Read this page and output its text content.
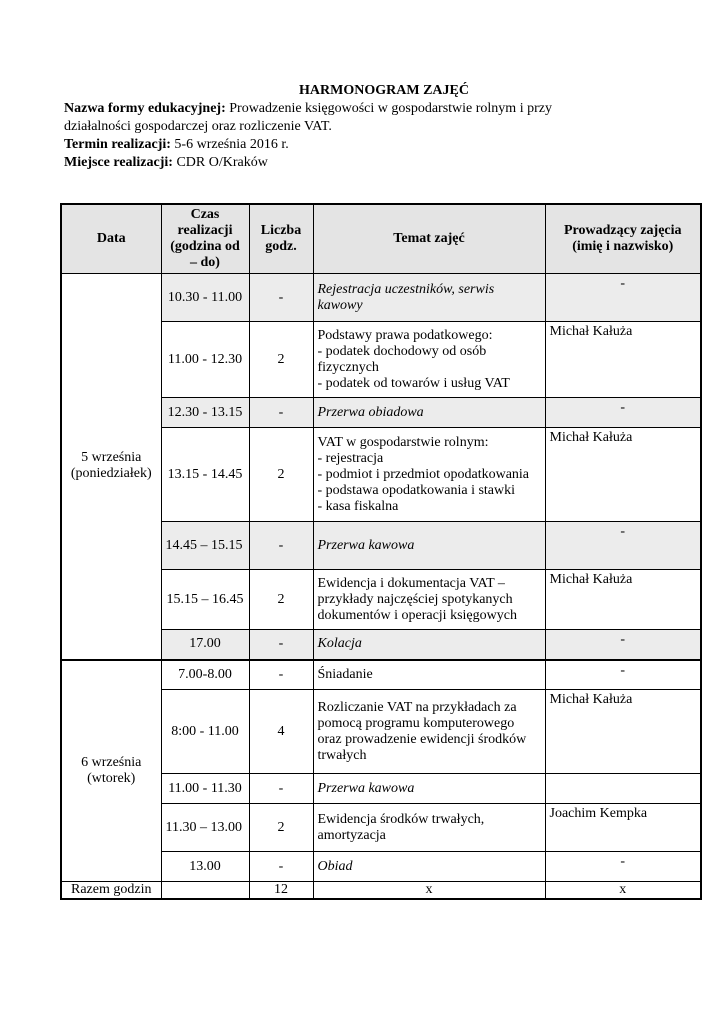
HARMONOGRAM ZAJĘĆ
Nazwa formy edukacyjnej: Prowadzenie księgowości w gospodarstwie rolnym i przy
działalności gospodarczej oraz rozliczenie VAT.
Termin realizacji: 5-6 września 2016 r.
Miejsce realizacji: CDR O/Kraków
Data	Czas realizacji (godzina od – do)	Liczba godz.	Temat zajęć	Prowadzący zajęcia (imię i nazwisko)

5 września
(poniedziałek)	10.30 - 11.00	-	Rejestracja uczestników, serwis kawowy	-
	11.00 - 12.30	2	Podstawy prawa podatkowego:
- podatek dochodowy od osób fizycznych
- podatek od towarów i usług VAT	Michał Kałuża
	12.30 - 13.15	-	Przerwa obiadowa	-
	13.15 - 14.45	2	VAT w gospodarstwie rolnym:
- rejestracja
- podmiot i przedmiot opodatkowania
- podstawa opodatkowania i stawki
- kasa fiskalna	Michał Kałuża
	14.45 – 15.15	-	Przerwa kawowa	-
	15.15 – 16.45	2	Ewidencja i dokumentacja VAT – przykłady najczęściej spotykanych dokumentów i operacji księgowych	Michał Kałuża
	17.00	-	Kolacja	-

6 września
(wtorek)	7.00-8.00	-	Śniadanie	-
	8:00 - 11.00	4	Rozliczanie VAT na przykładach za pomocą programu komputerowego oraz prowadzenie ewidencji środków trwałych	Michał Kałuża
	11.00 - 11.30	-	Przerwa kawowa	
	11.30 – 13.00	2	Ewidencja środków trwałych, amortyzacja	Joachim Kempka
	13.00	-	Obiad	-
Razem godzin		12	x	x
